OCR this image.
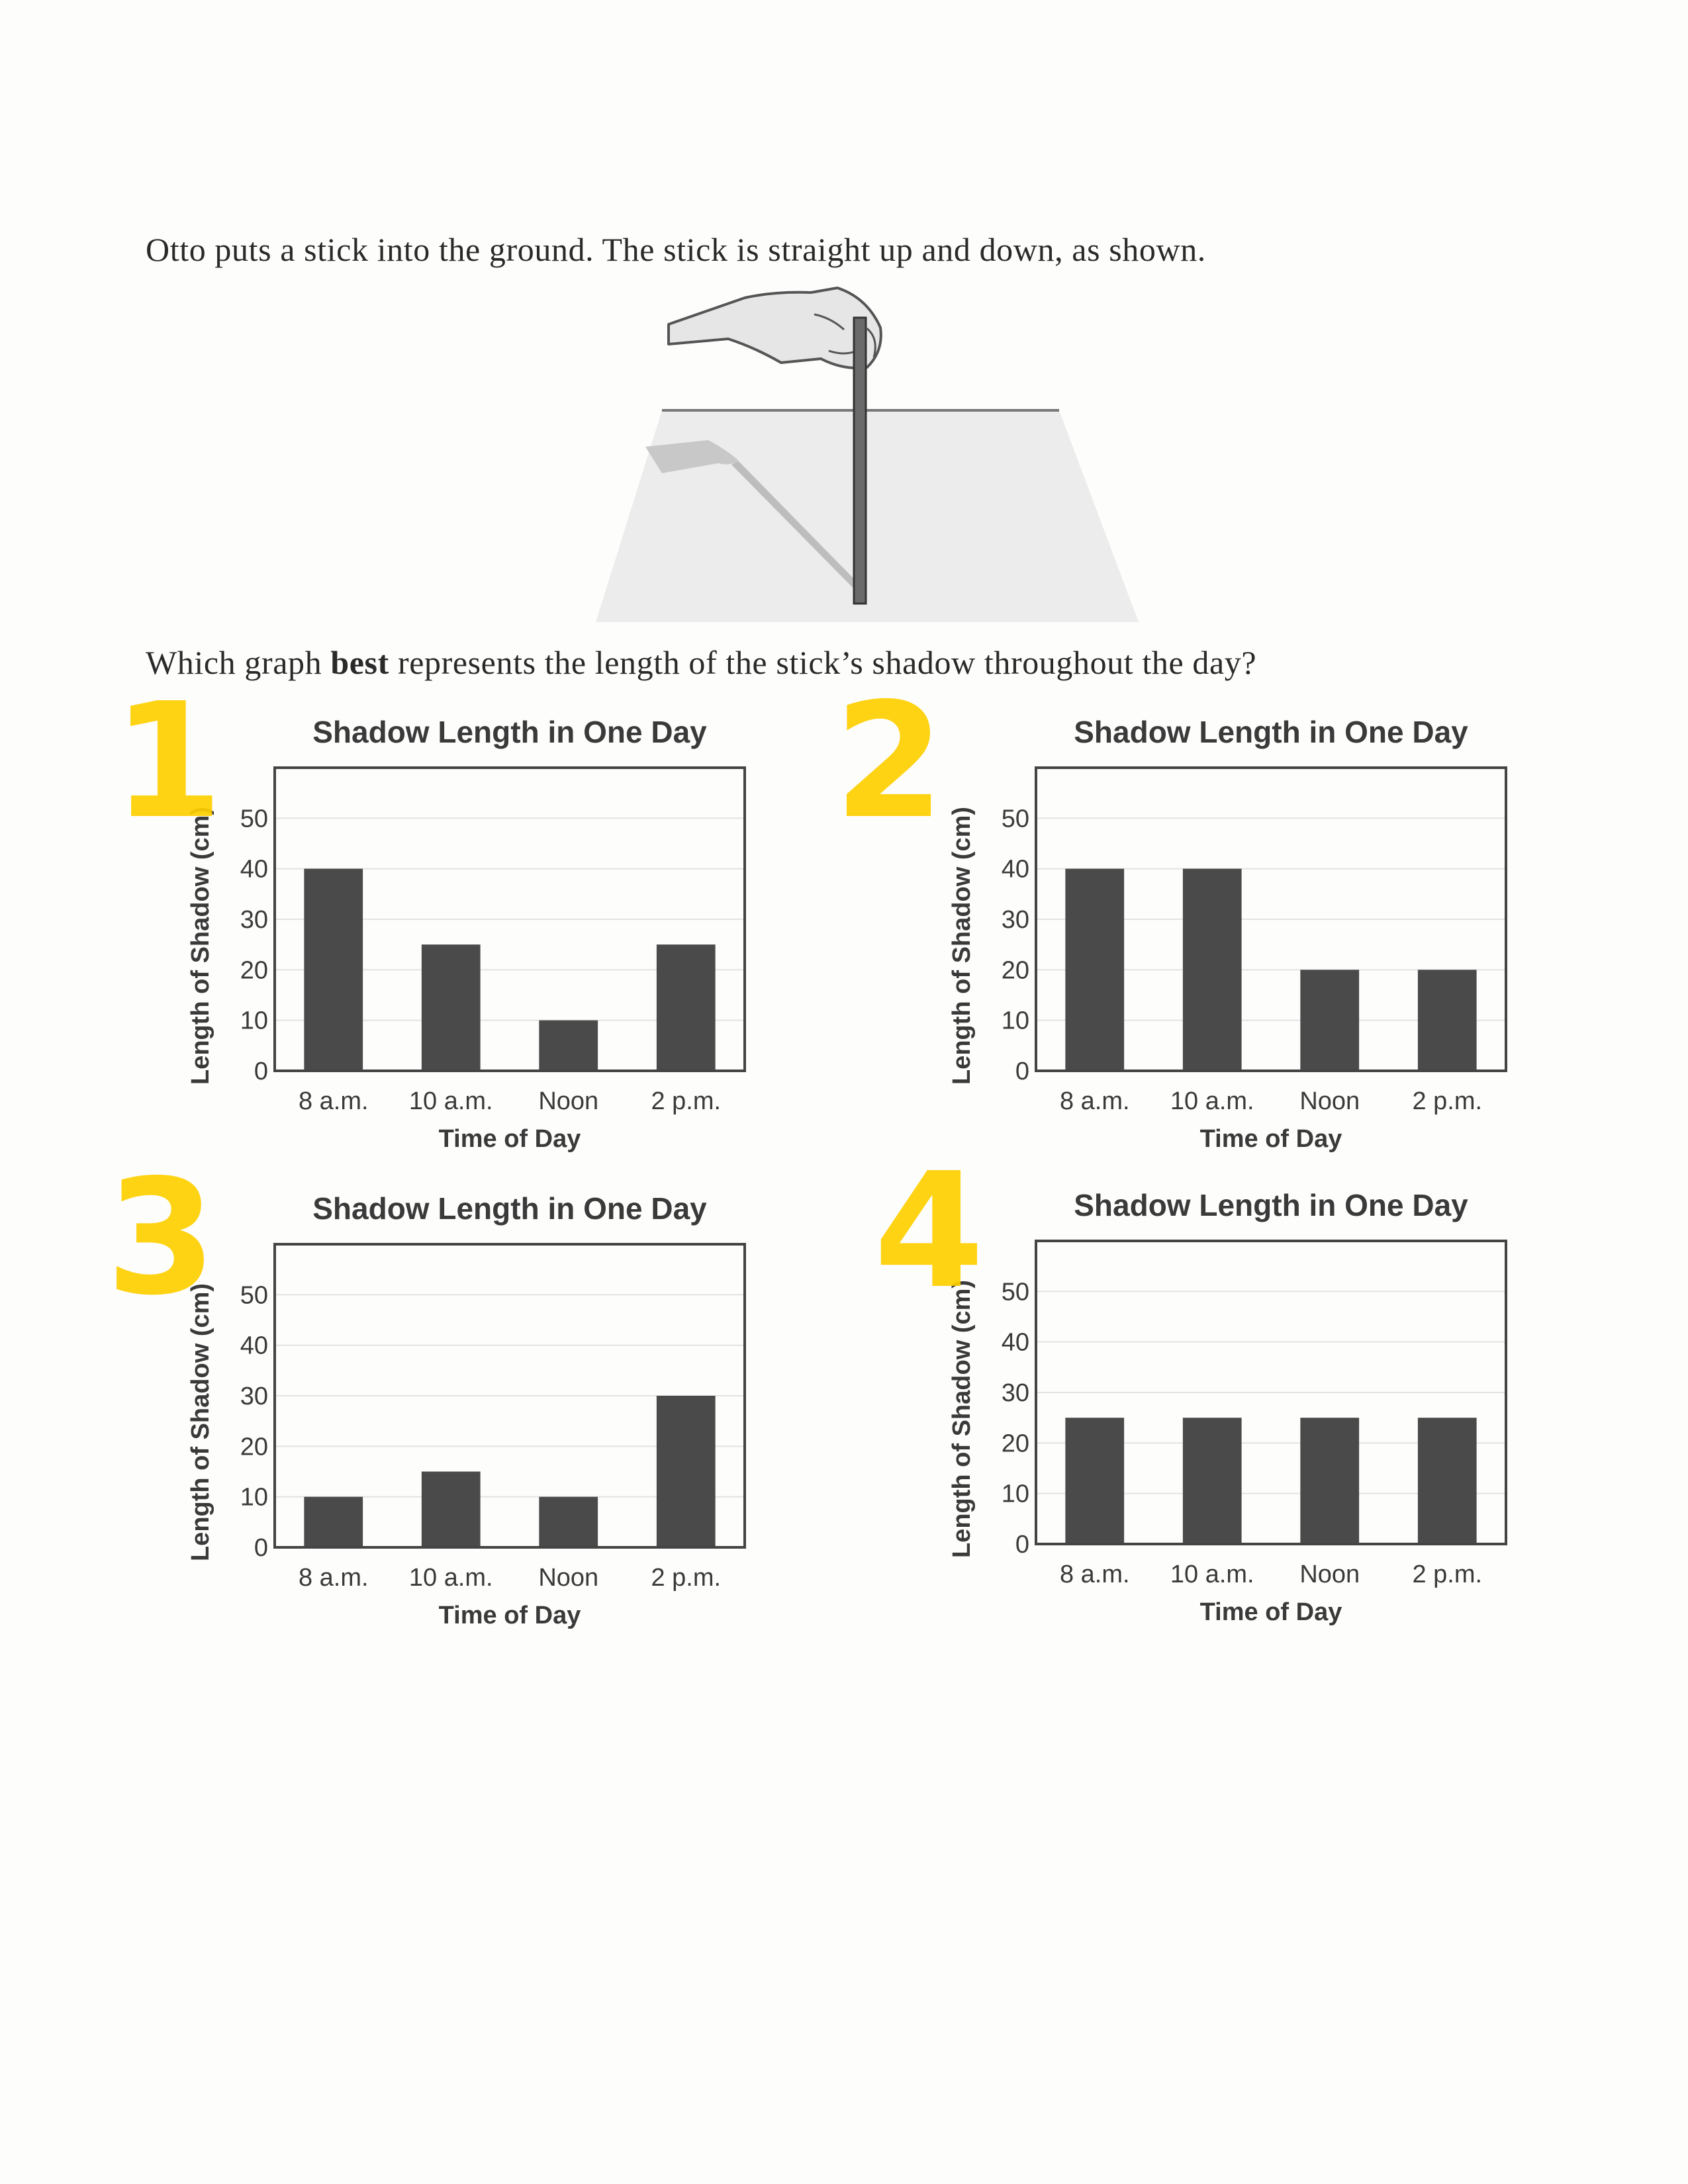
Otto puts a stick into the ground. The stick is straight up and down, as shown.

Which graph best represents the length of the stick’s shadow throughout the day?

Shadow Length in One Day
0
10
20
30
40
50
8 a.m. 10 a.m. Noon 2 p.m.
Time of Day
Length of Shadow (cm)
Shadow Length in One Day
0
10
20
30
40
50
8 a.m. 10 a.m. Noon 2 p.m.
Time of Day
Length of Shadow (cm)
Shadow Length in One Day
0
10
20
30
40
50
8 a.m. 10 a.m. Noon 2 p.m.
Time of Day
Length of Shadow (cm)
Shadow Length in One Day
0
10
20
30
40
50
8 a.m. 10 a.m. Noon 2 p.m.
Time of Day
Length of Shadow (cm)

1	2

3	4
